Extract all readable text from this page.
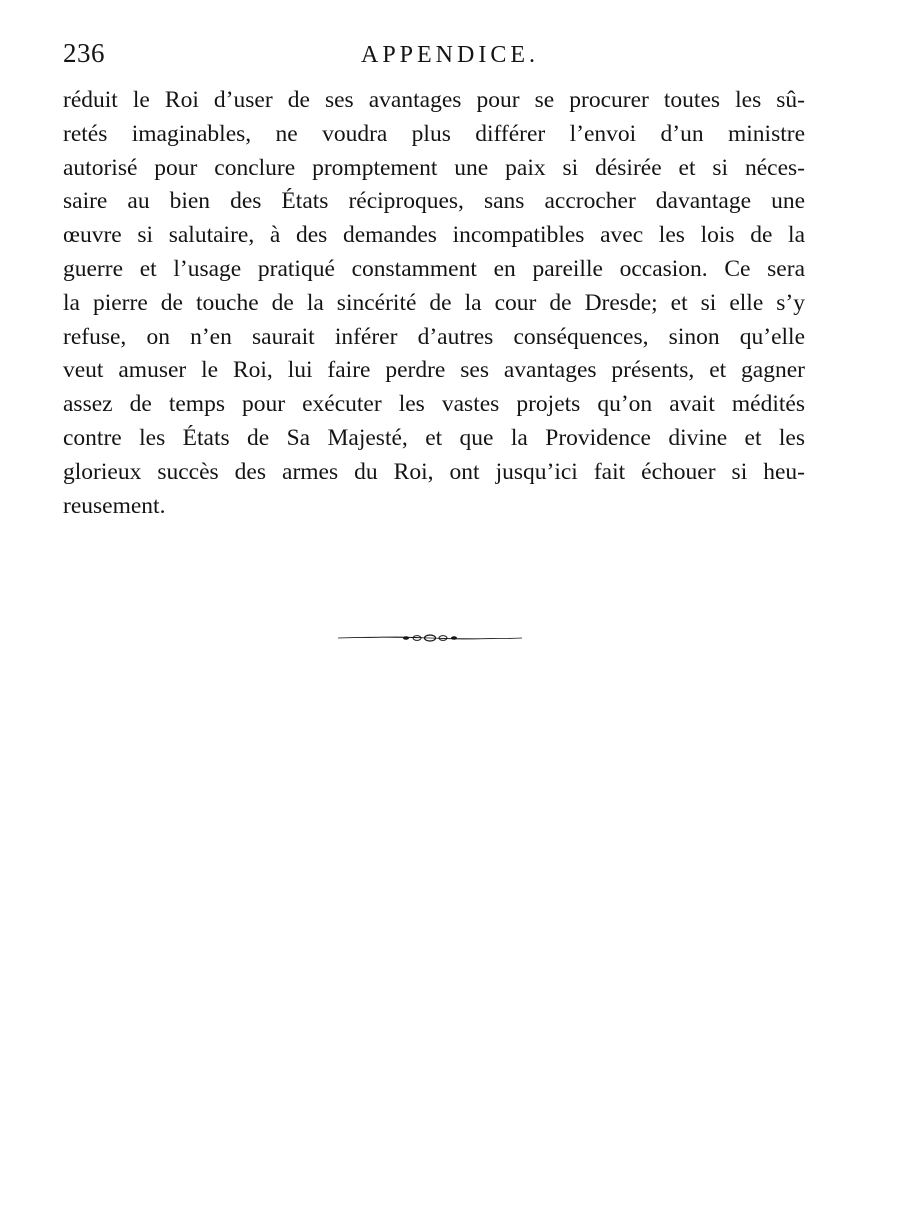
236	APPENDICE.
réduit le Roi d’user de ses avantages pour se procurer toutes les sû-
retés imaginables, ne voudra plus différer l’envoi d’un ministre
autorisé pour conclure promptement une paix si désirée et si néces-
saire au bien des États réciproques, sans accrocher davantage une
œuvre si salutaire, à des demandes incompatibles avec les lois de la
guerre et l’usage pratiqué constamment en pareille occasion. Ce sera
la pierre de touche de la sincérité de la cour de Dresde; et si elle s’y
refuse, on n’en saurait inférer d’autres conséquences, sinon qu’elle
veut amuser le Roi, lui faire perdre ses avantages présents, et gagner
assez de temps pour exécuter les vastes projets qu’on avait médités
contre les États de Sa Majesté, et que la Providence divine et les
glorieux succès des armes du Roi, ont jusqu’ici fait échouer si heu-
reusement.
